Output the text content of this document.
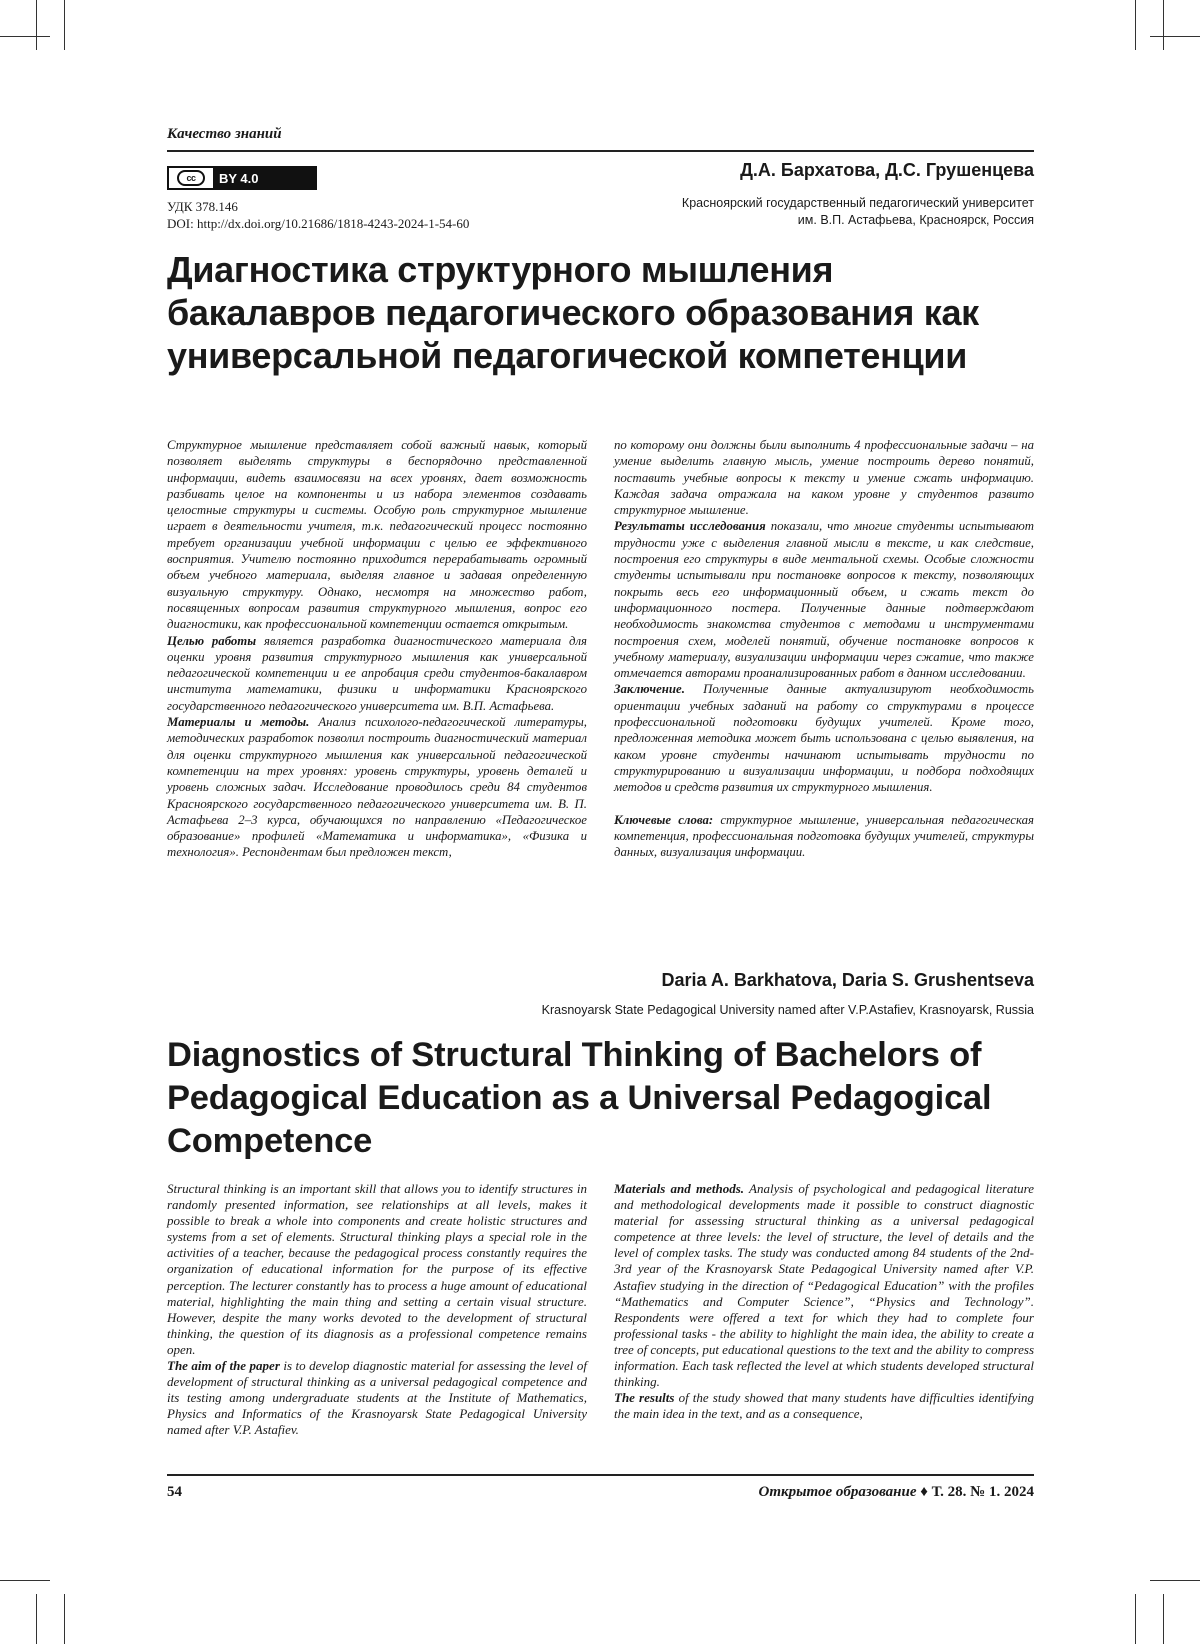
Качество знаний
cc	BY 4.0
УДК 378.146
DOI: http://dx.doi.org/10.21686/1818-4243-2024-1-54-60
Д.А. Бархатова, Д.С. Грушенцева
Красноярский государственный педагогический университет
им. В.П. Астафьева, Красноярск, Россия
Диагностика структурного мышления бакалавров педагогического образования как универсальной педагогической компетенции

Структурное мышление представляет собой важный навык, который позволяет выделять структуры в беспорядочно представленной информации, видеть взаимосвязи на всех уровнях, дает возможность разбивать целое на компоненты и из набора элементов создавать целостные структуры и системы. Особую роль структурное мышление играет в деятельности учителя, т.к. педагогический процесс постоянно требует организации учебной информации с целью ее эффективного восприятия. Учителю постоянно приходится перерабатывать огромный объем учебного материала, выделяя главное и задавая определенную визуальную структуру. Однако, несмотря на множество работ, посвященных вопросам развития структурного мышления, вопрос его диагностики, как профессиональной компетенции остается открытым.

Целью работы является разработка диагностического материала для оценки уровня развития структурного мышления как универсальной педагогической компетенции и ее апробация среди студентов-бакалавром института математики, физики и информатики Красноярского государственного педагогического университета им. В.П. Астафьева.

Материалы и методы. Анализ психолого-педагогической литературы, методических разработок позволил построить диагностический материал для оценки структурного мышления как универсальной педагогической компетенции на трех уровнях: уровень структуры, уровень деталей и уровень сложных задач. Исследование проводилось среди 84 студентов Красноярского государственного педагогического университета им. В. П. Астафьева 2–3 курса, обучающихся по направлению «Педагогическое образование» профилей «Математика и информатика», «Физика и технология». Респондентам был предложен текст,

по которому они должны были выполнить 4 профессиональные задачи – на умение выделить главную мысль, умение построить дерево понятий, поставить учебные вопросы к тексту и умение сжать информацию. Каждая задача отражала на каком уровне у студентов развито структурное мышление.

Результаты исследования показали, что многие студенты испытывают трудности уже с выделения главной мысли в тексте, и как следствие, построения его структуры в виде ментальной схемы. Особые сложности студенты испытывали при постановке вопросов к тексту, позволяющих покрыть весь его информационный объем, и сжать текст до информационного постера. Полученные данные подтверждают необходимость знакомства студентов с методами и инструментами построения схем, моделей понятий, обучение постановке вопросов к учебному материалу, визуализации информации через сжатие, что также отмечается авторами проанализированных работ в данном исследовании.

Заключение. Полученные данные актуализируют необходимость ориентации учебных заданий на работу со структурами в процессе профессиональной подготовки будущих учителей. Кроме того, предложенная методика может быть использована с целью выявления, на каком уровне студенты начинают испытывать трудности по структурированию и визуализации информации, и подбора подходящих методов и средств развития их структурного мышления.

Ключевые слова: структурное мышление, универсальная педагогическая компетенция, профессиональная подготовка будущих учителей, структуры данных, визуализация информации.

Daria A. Barkhatova, Daria S. Grushentseva
Krasnoyarsk State Pedagogical University named after V.P.Astafiev, Krasnoyarsk, Russia
Diagnostics of Structural Thinking of Bachelors of Pedagogical Education as a Universal Pedagogical Competence

Structural thinking is an important skill that allows you to identify structures in randomly presented information, see relationships at all levels, makes it possible to break a whole into components and create holistic structures and systems from a set of elements. Structural thinking plays a special role in the activities of a teacher, because the pedagogical process constantly requires the organization of educational information for the purpose of its effective perception. The lecturer constantly has to process a huge amount of educational material, highlighting the main thing and setting a certain visual structure. However, despite the many works devoted to the development of structural thinking, the question of its diagnosis as a professional competence remains open.

The aim of the paper is to develop diagnostic material for assessing the level of development of structural thinking as a universal pedagogical competence and its testing among undergraduate students at the Institute of Mathematics, Physics and Informatics of the Krasnoyarsk State Pedagogical University named after V.P. Astafiev.

Materials and methods. Analysis of psychological and pedagogical literature and methodological developments made it possible to construct diagnostic material for assessing structural thinking as a universal pedagogical competence at three levels: the level of structure, the level of details and the level of complex tasks. The study was conducted among 84 students of the 2nd-3rd year of the Krasnoyarsk State Pedagogical University named after V.P. Astafiev studying in the direction of “Pedagogical Education” with the profiles “Mathematics and Computer Science”, “Physics and Technology”. Respondents were offered a text for which they had to complete four professional tasks - the ability to highlight the main idea, the ability to create a tree of concepts, put educational questions to the text and the ability to compress information. Each task reflected the level at which students developed structural thinking.

The results of the study showed that many students have difficulties identifying the main idea in the text, and as a consequence,

54	Открытое образование ♦ Т. 28. № 1. 2024
